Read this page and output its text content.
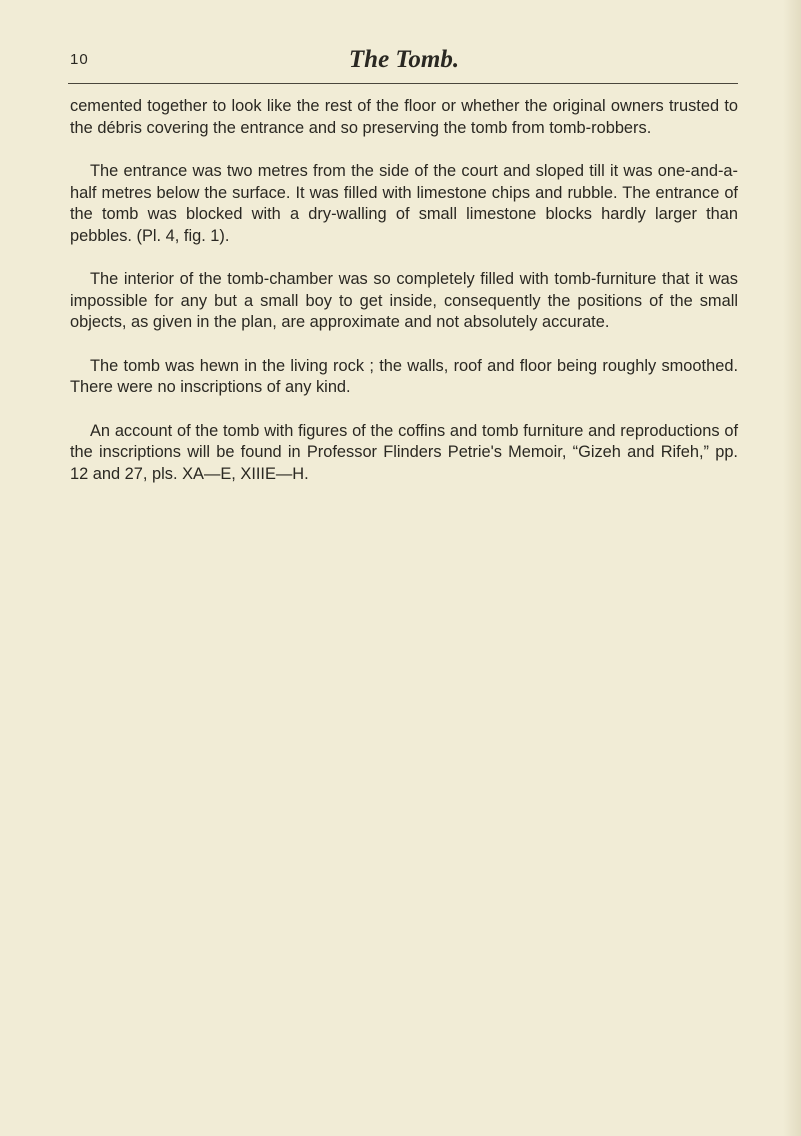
10	The Tomb.

cemented together to look like the rest of the floor or whether the original owners trusted to the débris covering the entrance and so preserving the tomb from tomb-robbers.

The entrance was two metres from the side of the court and sloped till it was one-and-a-half metres below the surface. It was filled with limestone chips and rubble. The entrance of the tomb was blocked with a dry-walling of small limestone blocks hardly larger than pebbles. (Pl. 4, fig. 1).

The interior of the tomb-chamber was so completely filled with tomb-furniture that it was impossible for any but a small boy to get inside, consequently the positions of the small objects, as given in the plan, are approximate and not absolutely accurate.

The tomb was hewn in the living rock ; the walls, roof and floor being roughly smoothed. There were no inscriptions of any kind.

An account of the tomb with figures of the coffins and tomb furniture and reproductions of the inscriptions will be found in Professor Flinders Petrie's Memoir, “Gizeh and Rifeh,” pp. 12 and 27, pls. XA—E, XIIIE—H.
